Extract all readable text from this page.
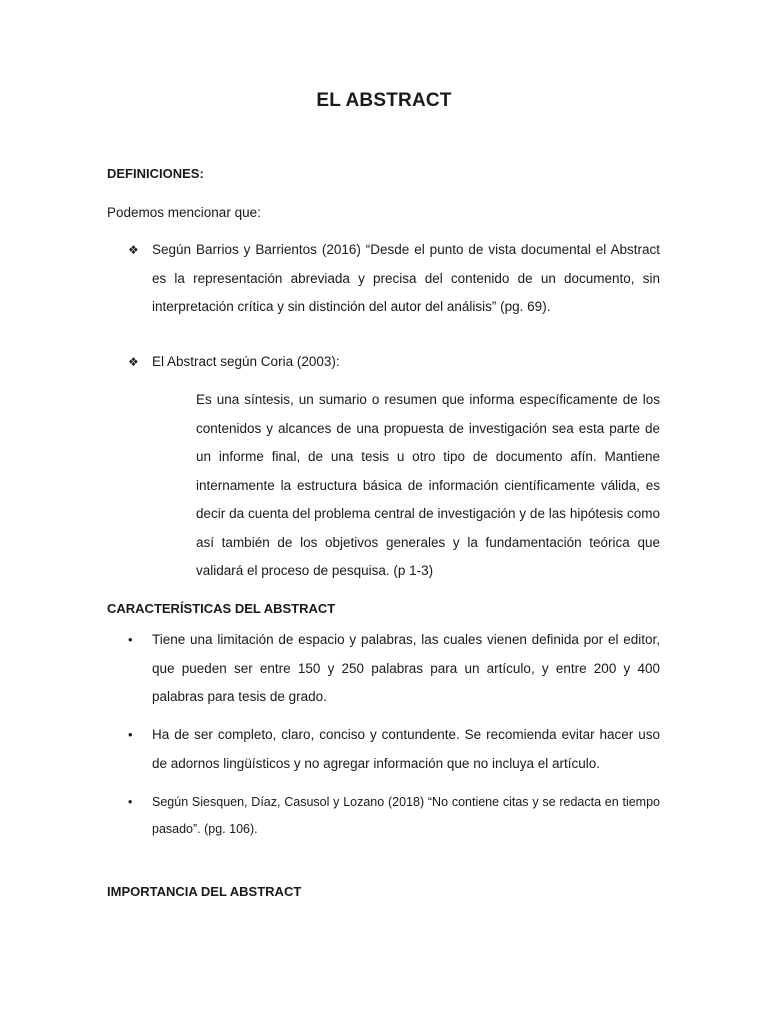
EL ABSTRACT
DEFINICIONES:
Podemos mencionar que:
❖ Según Barrios y Barrientos (2016) “Desde el punto de vista documental el Abstract es la representación abreviada y precisa del contenido de un documento, sin interpretación crítica y sin distinción del autor del análisis” (pg. 69).
❖ El Abstract según Coria (2003):
Es una síntesis, un sumario o resumen que informa específicamente de los contenidos y alcances de una propuesta de investigación sea esta parte de un informe final, de una tesis u otro tipo de documento afín. Mantiene internamente la estructura básica de información científicamente válida, es decir da cuenta del problema central de investigación y de las hipótesis como así también de los objetivos generales y la fundamentación teórica que validará el proceso de pesquisa. (p 1-3)
CARACTERÍSTICAS DEL ABSTRACT
•	Tiene una limitación de espacio y palabras, las cuales vienen definida por el editor, que pueden ser entre 150 y 250 palabras para un artículo, y entre 200 y 400 palabras para tesis de grado.
•	Ha de ser completo, claro, conciso y contundente. Se recomienda evitar hacer uso de adornos lingüísticos y no agregar información que no incluya el artículo.
•	Según Siesquen, Díaz, Casusol y Lozano (2018) “No contiene citas y se redacta en tiempo pasado”. (pg. 106).
IMPORTANCIA DEL ABSTRACT
